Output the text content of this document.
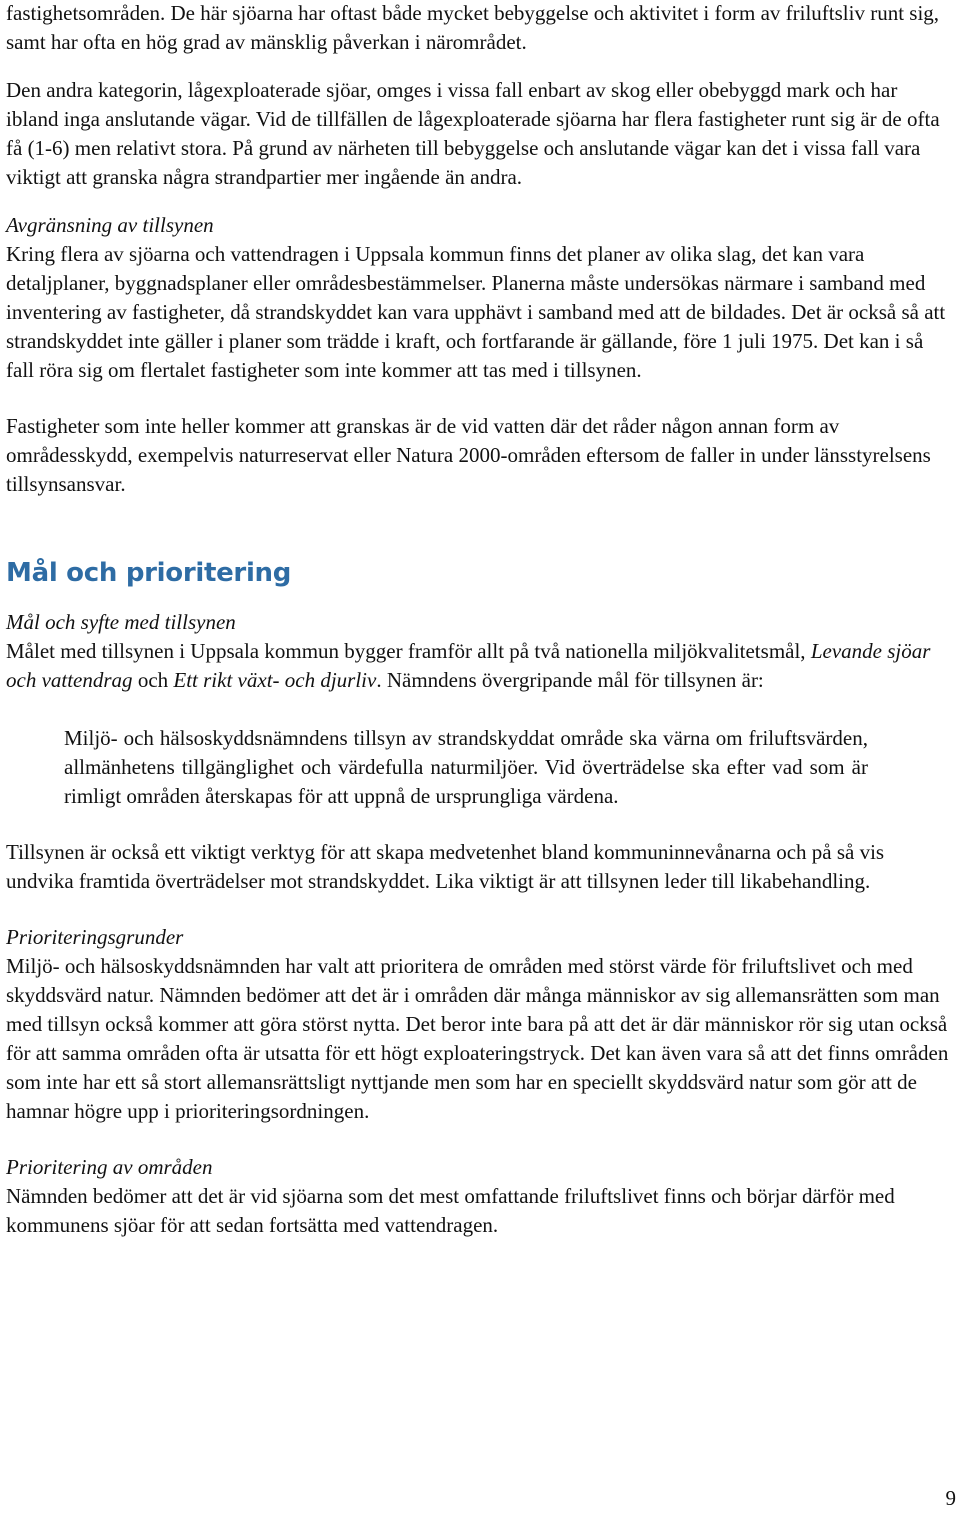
fastighetsområden. De här sjöarna har oftast både mycket bebyggelse och aktivitet i form av friluftsliv runt sig, samt har ofta en hög grad av mänsklig påverkan i närområdet.

Den andra kategorin, lågexploaterade sjöar, omges i vissa fall enbart av skog eller obebyggd mark och har ibland inga anslutande vägar. Vid de tillfällen de lågexploaterade sjöarna har flera fastigheter runt sig är de ofta få (1-6) men relativt stora. På grund av närheten till bebyggelse och anslutande vägar kan det i vissa fall vara viktigt att granska några strandpartier mer ingående än andra.

Avgränsning av tillsynen

Kring flera av sjöarna och vattendragen i Uppsala kommun finns det planer av olika slag, det kan vara detaljplaner, byggnadsplaner eller områdesbestämmelser. Planerna måste undersökas närmare i samband med inventering av fastigheter, då strandskyddet kan vara upphävt i samband med att de bildades. Det är också så att strandskyddet inte gäller i planer som trädde i kraft, och fortfarande är gällande, före 1 juli 1975. Det kan i så fall röra sig om flertalet fastigheter som inte kommer att tas med i tillsynen.

Fastigheter som inte heller kommer att granskas är de vid vatten där det råder någon annan form av områdesskydd, exempelvis naturreservat eller Natura 2000-områden eftersom de faller in under länsstyrelsens tillsynsansvar.

Mål och prioritering

Mål och syfte med tillsynen

Målet med tillsynen i Uppsala kommun bygger framför allt på två nationella miljökvalitetsmål, Levande sjöar och vattendrag och Ett rikt växt- och djurliv. Nämndens övergripande mål för tillsynen är:

Miljö- och hälsoskyddsnämndens tillsyn av strandskyddat område ska värna om friluftsvärden, allmänhetens tillgänglighet och värdefulla naturmiljöer. Vid överträdelse ska efter vad som är rimligt områden återskapas för att uppnå de ursprungliga värdena.

Tillsynen är också ett viktigt verktyg för att skapa medvetenhet bland kommuninnevånarna och på så vis undvika framtida överträdelser mot strandskyddet. Lika viktigt är att tillsynen leder till likabehandling.

Prioriteringsgrunder

Miljö- och hälsoskyddsnämnden har valt att prioritera de områden med störst värde för friluftslivet och med skyddsvärd natur. Nämnden bedömer att det är i områden där många människor av sig allemansrätten som man med tillsyn också kommer att göra störst nytta. Det beror inte bara på att det är där människor rör sig utan också för att samma områden ofta är utsatta för ett högt exploateringstryck. Det kan även vara så att det finns områden som inte har ett så stort allemansrättsligt nyttjande men som har en speciellt skyddsvärd natur som gör att de hamnar högre upp i prioriteringsordningen.

Prioritering av områden

Nämnden bedömer att det är vid sjöarna som det mest omfattande friluftslivet finns och börjar därför med kommunens sjöar för att sedan fortsätta med vattendragen.

9
